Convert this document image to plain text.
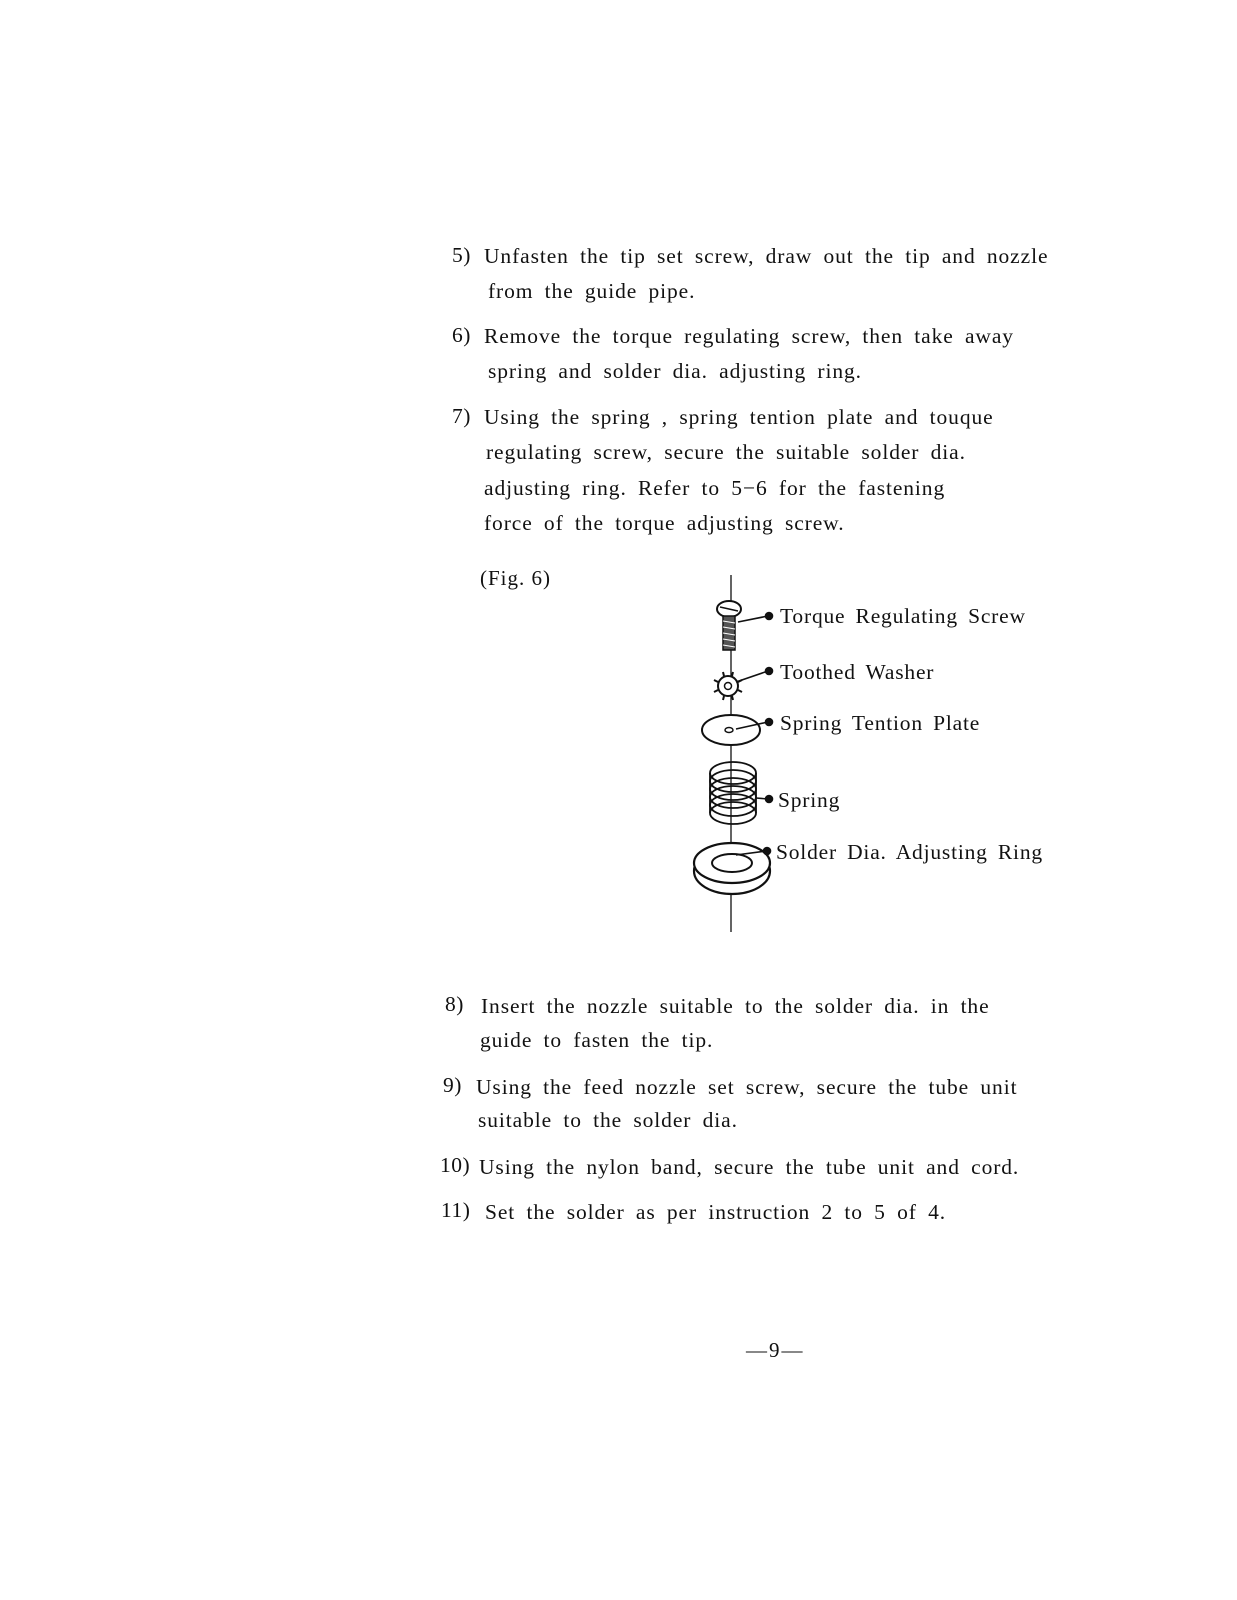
5) Unfasten the tip set screw, draw out the tip and nozzle
from the guide pipe.
6) Remove the torque regulating screw, then take away
spring and solder dia. adjusting ring.
7) Using the spring , spring tention plate and touque
regulating screw, secure the suitable solder dia.
adjusting ring. Refer to 5−6 for the fastening
force of the torque adjusting screw.
(Fig. 6)
Torque Regulating Screw
Toothed Washer
Spring Tention Plate
Spring
Solder Dia. Adjusting Ring
8) Insert the nozzle suitable to the solder dia. in the
guide to fasten the tip.
9) Using the feed nozzle set screw, secure the tube unit
suitable to the solder dia.
10) Using the nylon band, secure the tube unit and cord.
11) Set the solder as per instruction 2 to 5 of 4.
—9—
